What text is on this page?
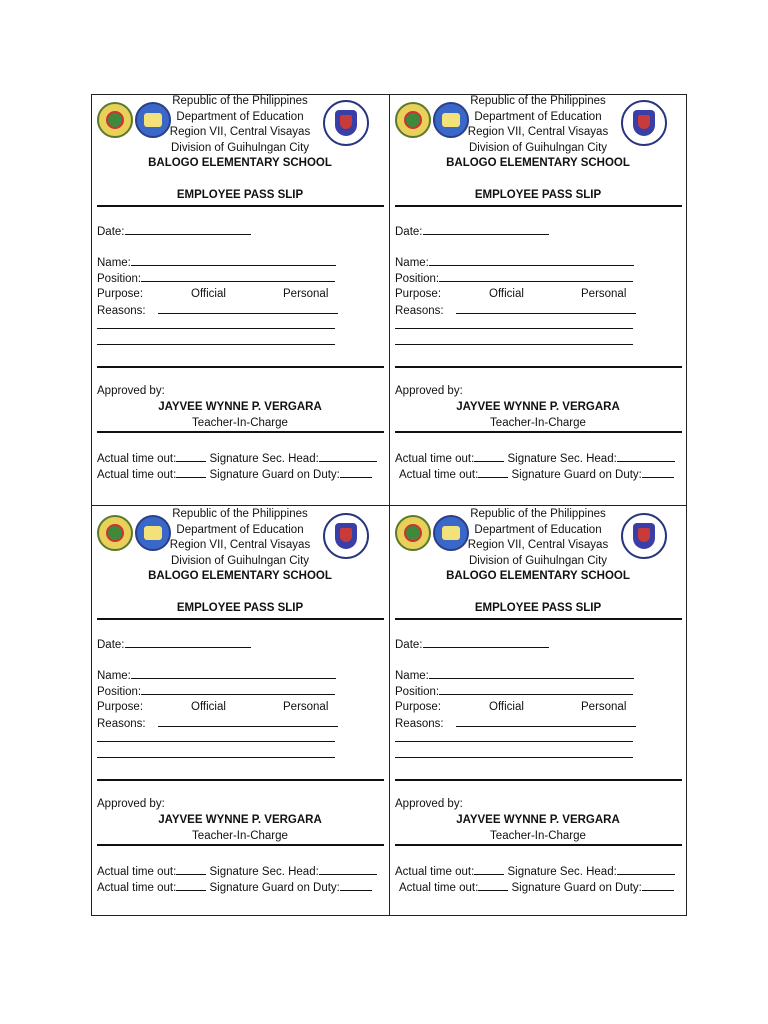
Republic of the Philippines
Department of Education
Region VII, Central Visayas
Division of Guihulngan City
BALOGO ELEMENTARY SCHOOL
EMPLOYEE PASS SLIP
Date:
Name:
Position:
Purpose:	Official	Personal
Reasons:
Approved by:
JAYVEE WYNNE P. VERGARA
Teacher-In-Charge
Actual time out:	Signature Sec. Head:
Actual time out:	Signature Guard on Duty:
Republic of the Philippines
Department of Education
Region VII, Central Visayas
Division of Guihulngan City
BALOGO ELEMENTARY SCHOOL
EMPLOYEE PASS SLIP
Date:
Name:
Position:
Purpose:	Official	Personal
Reasons:
Approved by:
JAYVEE WYNNE P. VERGARA
Teacher-In-Charge
Actual time out:	Signature Sec. Head:
Actual time out:	Signature Guard on Duty:
Republic of the Philippines
Department of Education
Region VII, Central Visayas
Division of Guihulngan City
BALOGO ELEMENTARY SCHOOL
EMPLOYEE PASS SLIP
Date:
Name:
Position:
Purpose:	Official	Personal
Reasons:
Approved by:
JAYVEE WYNNE P. VERGARA
Teacher-In-Charge
Actual time out:	Signature Sec. Head:
Actual time out:	Signature Guard on Duty:
Republic of the Philippines
Department of Education
Region VII, Central Visayas
Division of Guihulngan City
BALOGO ELEMENTARY SCHOOL
EMPLOYEE PASS SLIP
Date:
Name:
Position:
Purpose:	Official	Personal
Reasons:
Approved by:
JAYVEE WYNNE P. VERGARA
Teacher-In-Charge
Actual time out:	Signature Sec. Head:
Actual time out:	Signature Guard on Duty:
